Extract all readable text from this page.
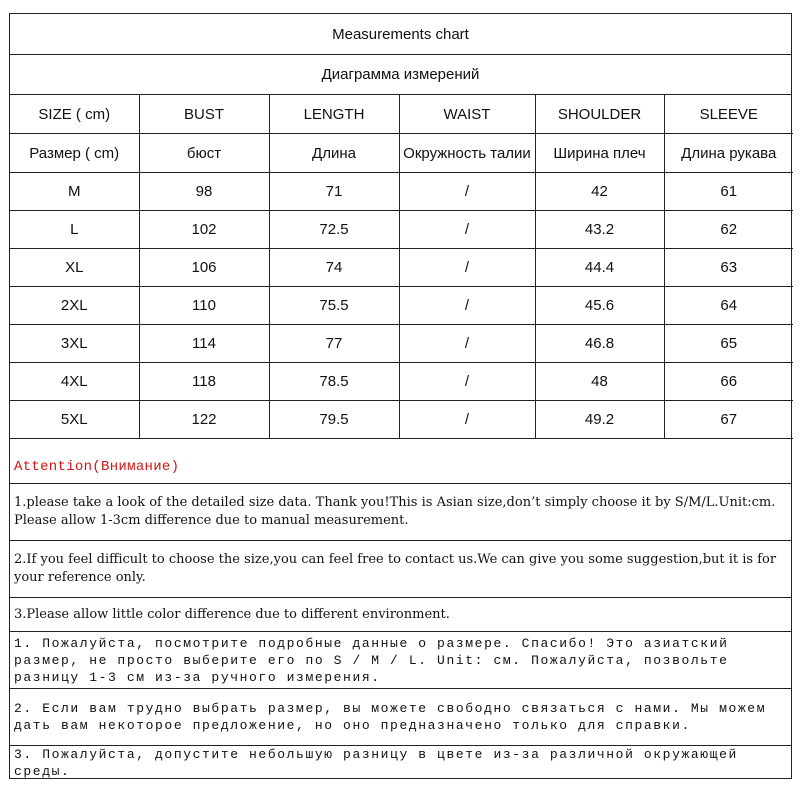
Measurements chart
Диаграмма измерений
SIZE ( cm)	BUST	LENGTH	WAIST	SHOULDER	SLEEVE
Размер ( cm)	бюст	Длина	Окружность талии	Ширина плеч	Длина рукава
M	98	71	/	42	61
L	102	72.5	/	43.2	62
XL	106	74	/	44.4	63
2XL	110	75.5	/	45.6	64
3XL	114	77	/	46.8	65
4XL	118	78.5	/	48	66
5XL	122	79.5	/	49.2	67
Attention(Внимание)
1.please take a look of the detailed size data. Thank you!This is Asian size,don’t simply choose it by S/M/L.Unit:cm. Please allow 1-3cm difference due to manual measurement.
2.If you feel difficult to choose the size,you can feel free to contact us.We can give you some suggestion,but it is for your reference only.
3.Please allow little color difference due to different environment.
1. Пожалуйста, посмотрите подробные данные о размере. Спасибо! Это азиатский размер, не просто выберите его по S / M / L. Unit: см. Пожалуйста, позвольте разницу 1-3 см из-за ручного измерения.
2. Если вам трудно выбрать размер, вы можете свободно связаться с нами. Мы можем дать вам некоторое предложение, но оно предназначено только для справки.
3. Пожалуйста, допустите небольшую разницу в цвете из-за различной окружающей среды.
